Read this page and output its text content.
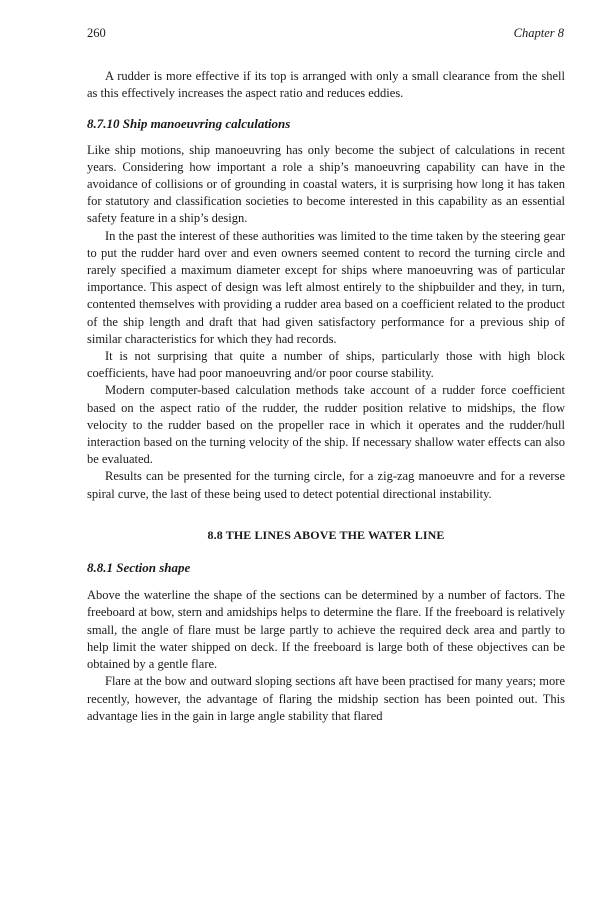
260	Chapter 8

A rudder is more effective if its top is arranged with only a small clearance from the shell as this effectively increases the aspect ratio and reduces eddies.

8.7.10 Ship manoeuvring calculations

Like ship motions, ship manoeuvring has only become the subject of calculations in recent years. Considering how important a role a ship’s manoeuvring capability can have in the avoidance of collisions or of grounding in coastal waters, it is surprising how long it has taken for statutory and classification societies to become interested in this capability as an essential safety feature in a ship’s design.

In the past the interest of these authorities was limited to the time taken by the steering gear to put the rudder hard over and even owners seemed content to record the turning circle and rarely specified a maximum diameter except for ships where manoeuvring was of particular importance. This aspect of design was left almost entirely to the shipbuilder and they, in turn, contented themselves with providing a rudder area based on a coefficient related to the product of the ship length and draft that had given satisfactory performance for a previous ship of similar characteristics for which they had records.

It is not surprising that quite a number of ships, particularly those with high block coefficients, have had poor manoeuvring and/or poor course stability.

Modern computer-based calculation methods take account of a rudder force coefficient based on the aspect ratio of the rudder, the rudder position relative to midships, the flow velocity to the rudder based on the propeller race in which it operates and the rudder/hull interaction based on the turning velocity of the ship. If necessary shallow water effects can also be evaluated.

Results can be presented for the turning circle, for a zig-zag manoeuvre and for a reverse spiral curve, the last of these being used to detect potential directional instability.

8.8 THE LINES ABOVE THE WATER LINE
8.8.1 Section shape

Above the waterline the shape of the sections can be determined by a number of factors. The freeboard at bow, stern and amidships helps to determine the flare. If the freeboard is relatively small, the angle of flare must be large partly to achieve the required deck area and partly to help limit the water shipped on deck. If the freeboard is large both of these objectives can be obtained by a gentle flare.

Flare at the bow and outward sloping sections aft have been practised for many years; more recently, however, the advantage of flaring the midship section has been pointed out. This advantage lies in the gain in large angle stability that flared
